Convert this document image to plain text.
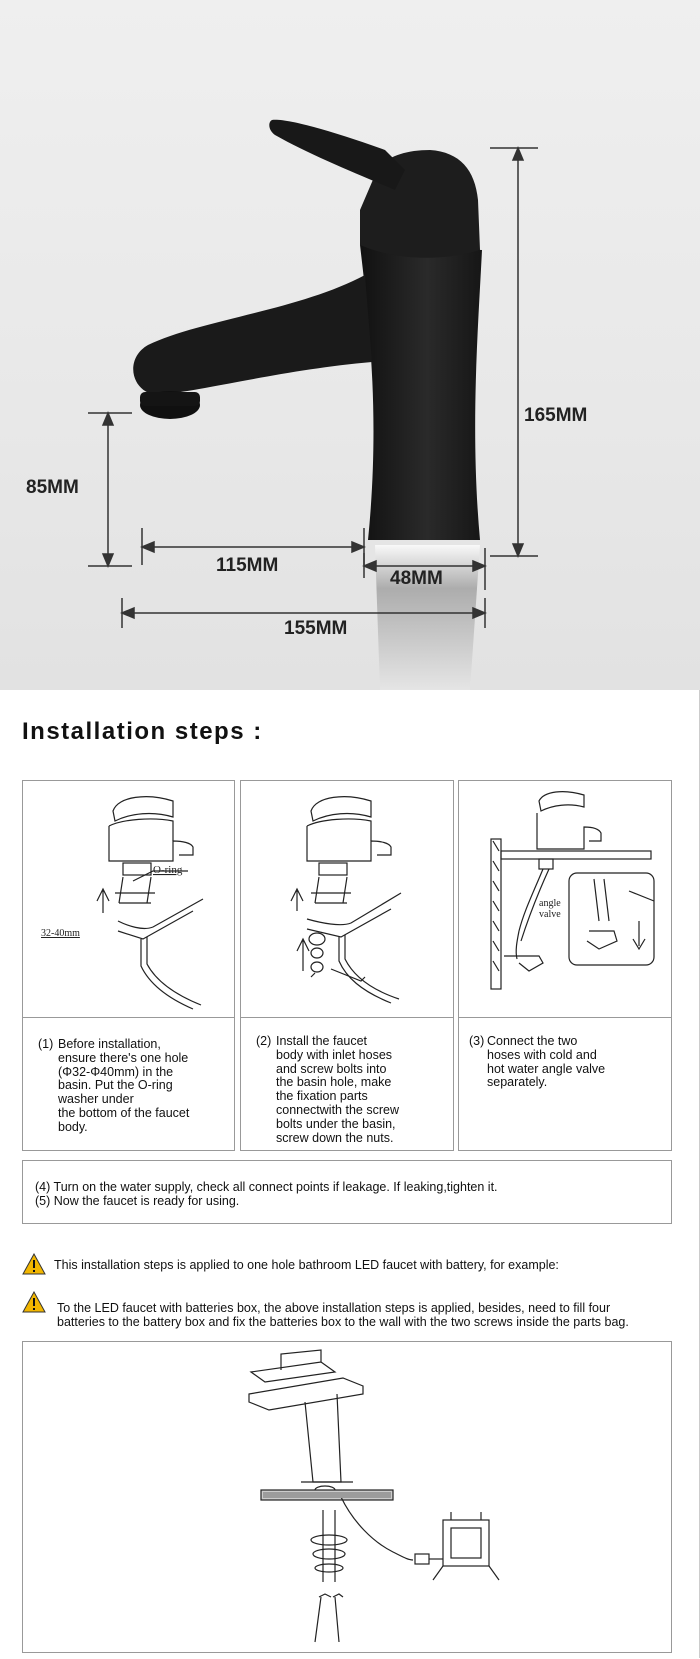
165MM
85MM
115MM
48MM
155MM
Installation steps :
O-ring
32-40mm
(1) Before installation,
ensure there's one hole
(Φ32-Φ40mm) in the
basin. Put the O-ring
washer under
the bottom of the faucet
body.
(2) Install the faucet
body with inlet hoses
and screw bolts into
the basin hole, make
the fixation parts
connectwith the screw
bolts under the basin,
screw down the nuts.
angle
valve
(3) Connect the two
hoses with cold and
hot water angle valve
separately.
(4) Turn on the water supply, check all connect points if leakage. If leaking,tighten it.
(5) Now the faucet is ready for using.
This installation steps is applied to one hole bathroom LED faucet with battery, for example:
To the LED faucet with batteries box, the above installation steps is applied, besides, need to fill four
batteries to the battery box and fix the batteries box to the wall with the two screws inside the parts bag.
